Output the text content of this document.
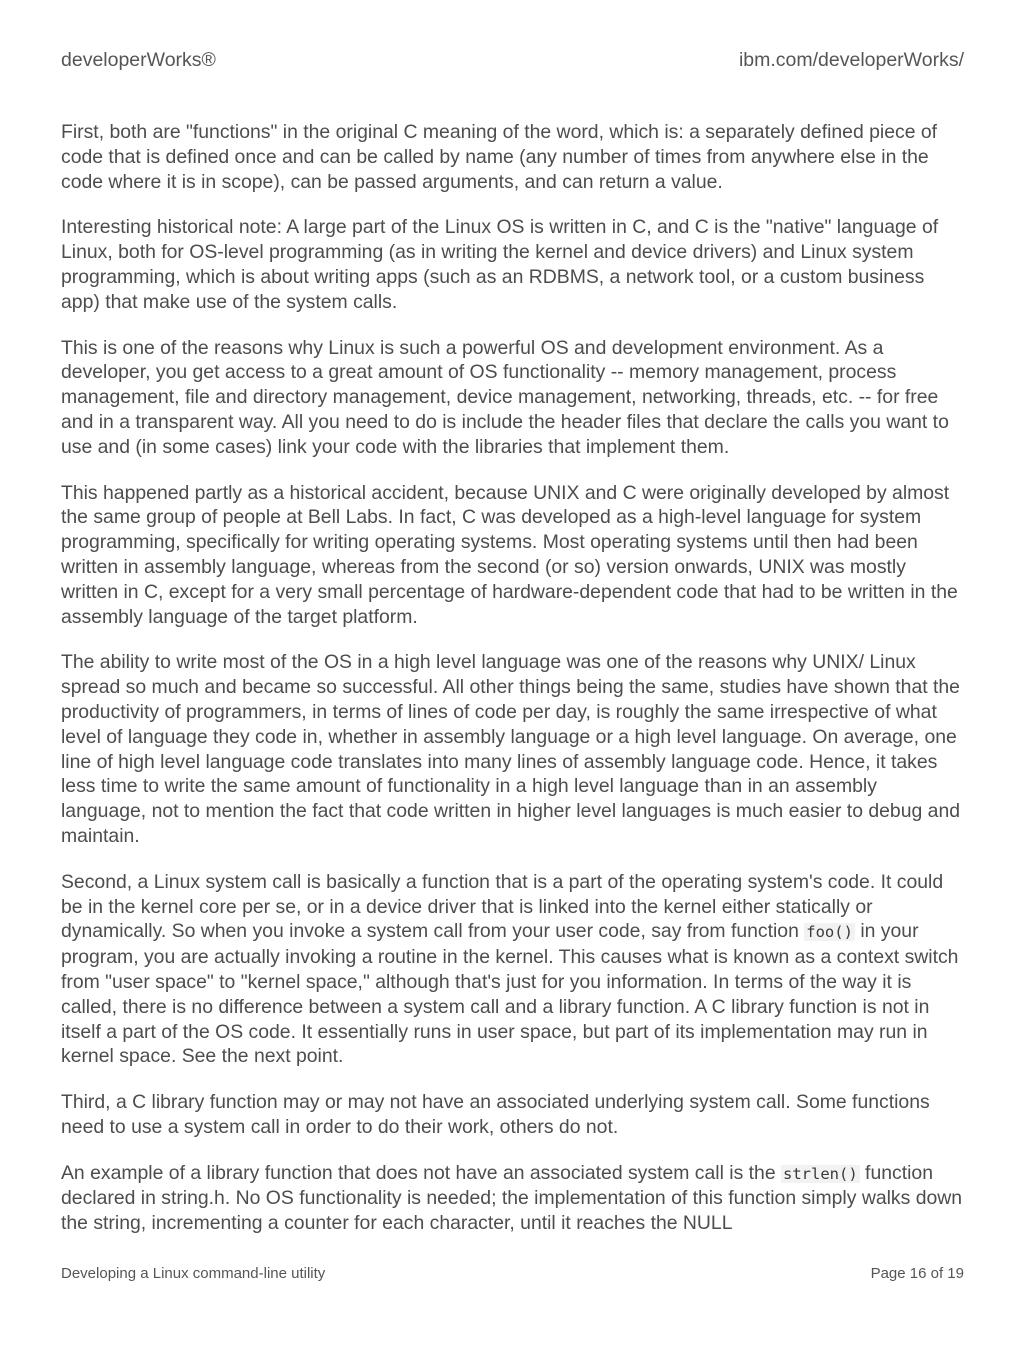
developerWorks®	ibm.com/developerWorks/

First, both are "functions" in the original C meaning of the word, which is: a separately defined piece of code that is defined once and can be called by name (any number of times from anywhere else in the code where it is in scope), can be passed arguments, and can return a value.

Interesting historical note: A large part of the Linux OS is written in C, and C is the "native" language of Linux, both for OS-level programming (as in writing the kernel and device drivers) and Linux system programming, which is about writing apps (such as an RDBMS, a network tool, or a custom business app) that make use of the system calls.

This is one of the reasons why Linux is such a powerful OS and development environment. As a developer, you get access to a great amount of OS functionality -- memory management, process management, file and directory management, device management, networking, threads, etc. -- for free and in a transparent way. All you need to do is include the header files that declare the calls you want to use and (in some cases) link your code with the libraries that implement them.

This happened partly as a historical accident, because UNIX and C were originally developed by almost the same group of people at Bell Labs. In fact, C was developed as a high-level language for system programming, specifically for writing operating systems. Most operating systems until then had been written in assembly language, whereas from the second (or so) version onwards, UNIX was mostly written in C, except for a very small percentage of hardware-dependent code that had to be written in the assembly language of the target platform.

The ability to write most of the OS in a high level language was one of the reasons why UNIX/ Linux spread so much and became so successful. All other things being the same, studies have shown that the productivity of programmers, in terms of lines of code per day, is roughly the same irrespective of what level of language they code in, whether in assembly language or a high level language. On average, one line of high level language code translates into many lines of assembly language code. Hence, it takes less time to write the same amount of functionality in a high level language than in an assembly language, not to mention the fact that code written in higher level languages is much easier to debug and maintain.

Second, a Linux system call is basically a function that is a part of the operating system's code. It could be in the kernel core per se, or in a device driver that is linked into the kernel either statically or dynamically. So when you invoke a system call from your user code, say from function foo() in your program, you are actually invoking a routine in the kernel. This causes what is known as a context switch from "user space" to "kernel space," although that's just for you information. In terms of the way it is called, there is no difference between a system call and a library function. A C library function is not in itself a part of the OS code. It essentially runs in user space, but part of its implementation may run in kernel space. See the next point.

Third, a C library function may or may not have an associated underlying system call. Some functions need to use a system call in order to do their work, others do not.

An example of a library function that does not have an associated system call is the strlen() function declared in string.h. No OS functionality is needed; the implementation of this function simply walks down the string, incrementing a counter for each character, until it reaches the NULL

Developing a Linux command-line utility	Page 16 of 19
